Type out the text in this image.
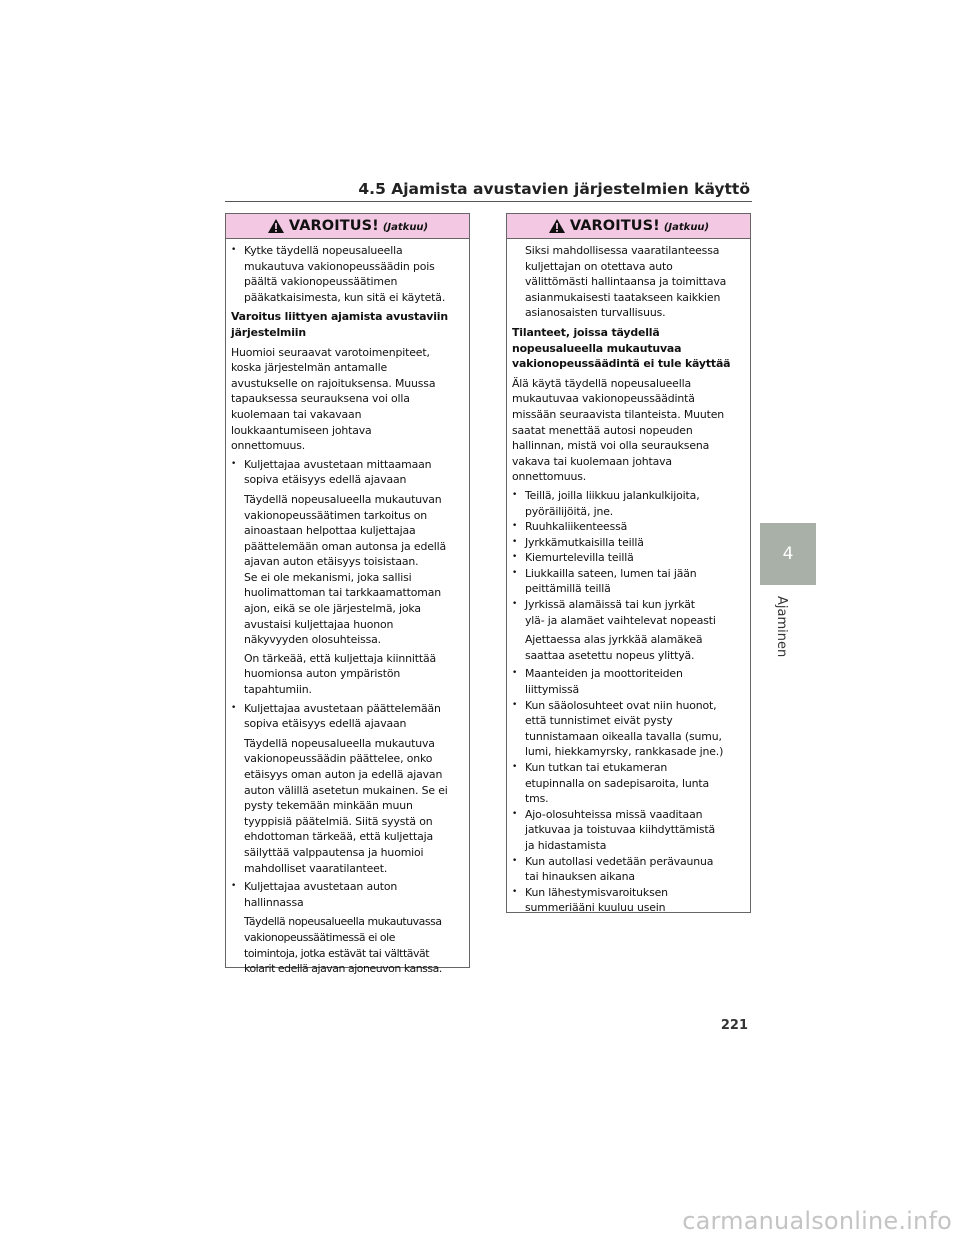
4.5 Ajamista avustavien järjestelmien käyttö
VAROITUS! (Jatkuu)
• Kytke täydellä nopeusalueella
mukautuva vakionopeussäädin pois
päältä vakionopeussäätimen
pääkatkaisimesta, kun sitä ei käytetä.
Varoitus liittyen ajamista avustaviin
järjestelmiin
Huomioi seuraavat varotoimenpiteet,
koska järjestelmän antamalle
avustukselle on rajoituksensa. Muussa
tapauksessa seurauksena voi olla
kuolemaan tai vakavaan
loukkaantumiseen johtava
onnettomuus.
• Kuljettajaa avustetaan mittaamaan
sopiva etäisyys edellä ajavaan
Täydellä nopeusalueella mukautuvan
vakionopeussäätimen tarkoitus on
ainoastaan helpottaa kuljettajaa
päättelemään oman autonsa ja edellä
ajavan auton etäisyys toisistaan.
Se ei ole mekanismi, joka sallisi
huolimattoman tai tarkkaamattoman
ajon, eikä se ole järjestelmä, joka
avustaisi kuljettajaa huonon
näkyvyyden olosuhteissa.
On tärkeää, että kuljettaja kiinnittää
huomionsa auton ympäristön
tapahtumiin.
• Kuljettajaa avustetaan päättelemään
sopiva etäisyys edellä ajavaan
Täydellä nopeusalueella mukautuva
vakionopeussäädin päättelee, onko
etäisyys oman auton ja edellä ajavan
auton välillä asetetun mukainen. Se ei
pysty tekemään minkään muun
tyyppisiä päätelmiä. Siitä syystä on
ehdottoman tärkeää, että kuljettaja
säilyttää valppautensa ja huomioi
mahdolliset vaaratilanteet.
• Kuljettajaa avustetaan auton
hallinnassa
Täydellä nopeusalueella mukautuvassa
vakionopeussäätimessä ei ole
toimintoja, jotka estävät tai välttävät
kolarit edellä ajavan ajoneuvon kanssa.
VAROITUS! (Jatkuu)
Siksi mahdollisessa vaaratilanteessa
kuljettajan on otettava auto
välittömästi hallintaansa ja toimittava
asianmukaisesti taatakseen kaikkien
asianosaisten turvallisuus.
Tilanteet, joissa täydellä
nopeusalueella mukautuvaa
vakionopeussäädintä ei tule käyttää
Älä käytä täydellä nopeusalueella
mukautuvaa vakionopeussäädintä
missään seuraavista tilanteista. Muuten
saatat menettää autosi nopeuden
hallinnan, mistä voi olla seurauksena
vakava tai kuolemaan johtava
onnettomuus.
• Teillä, joilla liikkuu jalankulkijoita,
pyöräilijöitä, jne.
• Ruuhkaliikenteessä
• Jyrkkämutkaisilla teillä
• Kiemurtelevilla teillä
• Liukkailla sateen, lumen tai jään
peittämillä teillä
• Jyrkissä alamäissä tai kun jyrkät
ylä- ja alamäet vaihtelevat nopeasti
Ajettaessa alas jyrkkää alamäkeä
saattaa asetettu nopeus ylittyä.
• Maanteiden ja moottoriteiden
liittymissä
• Kun sääolosuhteet ovat niin huonot,
että tunnistimet eivät pysty
tunnistamaan oikealla tavalla (sumu,
lumi, hiekkamyrsky, rankkasade jne.)
• Kun tutkan tai etukameran
etupinnalla on sadepisaroita, lunta
tms.
• Ajo-olosuhteissa missä vaaditaan
jatkuvaa ja toistuvaa kiihdyttämistä
ja hidastamista
• Kun autollasi vedetään perävaunua
tai hinauksen aikana
• Kun lähestymisvaroituksen
summeriääni kuuluu usein
4
Ajaminen
221
carmanualsonline.info
